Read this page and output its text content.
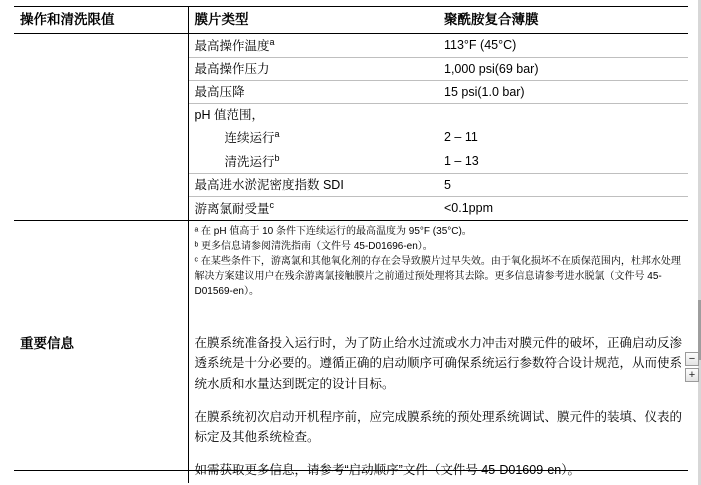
操作和清洗限值	膜片类型	聚酰胺复合薄膜
	最高操作温度$^a$	113°F (45°C)
	最高操作压力	1,000 psi(69 bar)
	最高压降	15 psi(1.0 bar)
	pH 值范围，	

	连续运行$^a$	2 – 11

	清洗运行$^b$	1 – 13
	最高进水淤泥密度指数 SDI	5
	游离氯耐受量$^c$	<0.1ppm

	ᵃ 在 pH 值高于 10 条件下连续运行的最高温度为 95°F (35°C)。
ᵇ 更多信息请参阅清洗指南（文件号 45-D01696-en）。
ᶜ 在某些条件下，游离氯和其他氧化剂的存在会导致膜片过早失效。由于氧化损坏不在质保范围内，杜邦水处理解决方案建议用户在残余游离氯接触膜片之前通过预处理将其去除。更多信息请参考进水脱氯（文件号 45-D01569-en）。	

重要信息	在膜系统准备投入运行时，为了防止给水过流或水力冲击对膜元件的破坏，正确启动反渗透系统是十分必要的。遵循正确的启动顺序可确保系统运行参数符合设计规范，从而使系统水质和水量达到既定的设计目标。

在膜系统初次启动开机程序前，应完成膜系统的预处理系统调试、膜元件的装填、仪表的标定及其他系统检查。

如需获取更多信息，请参考“启动顺序”文件（文件号 45-D01609-en）。	

−
+
